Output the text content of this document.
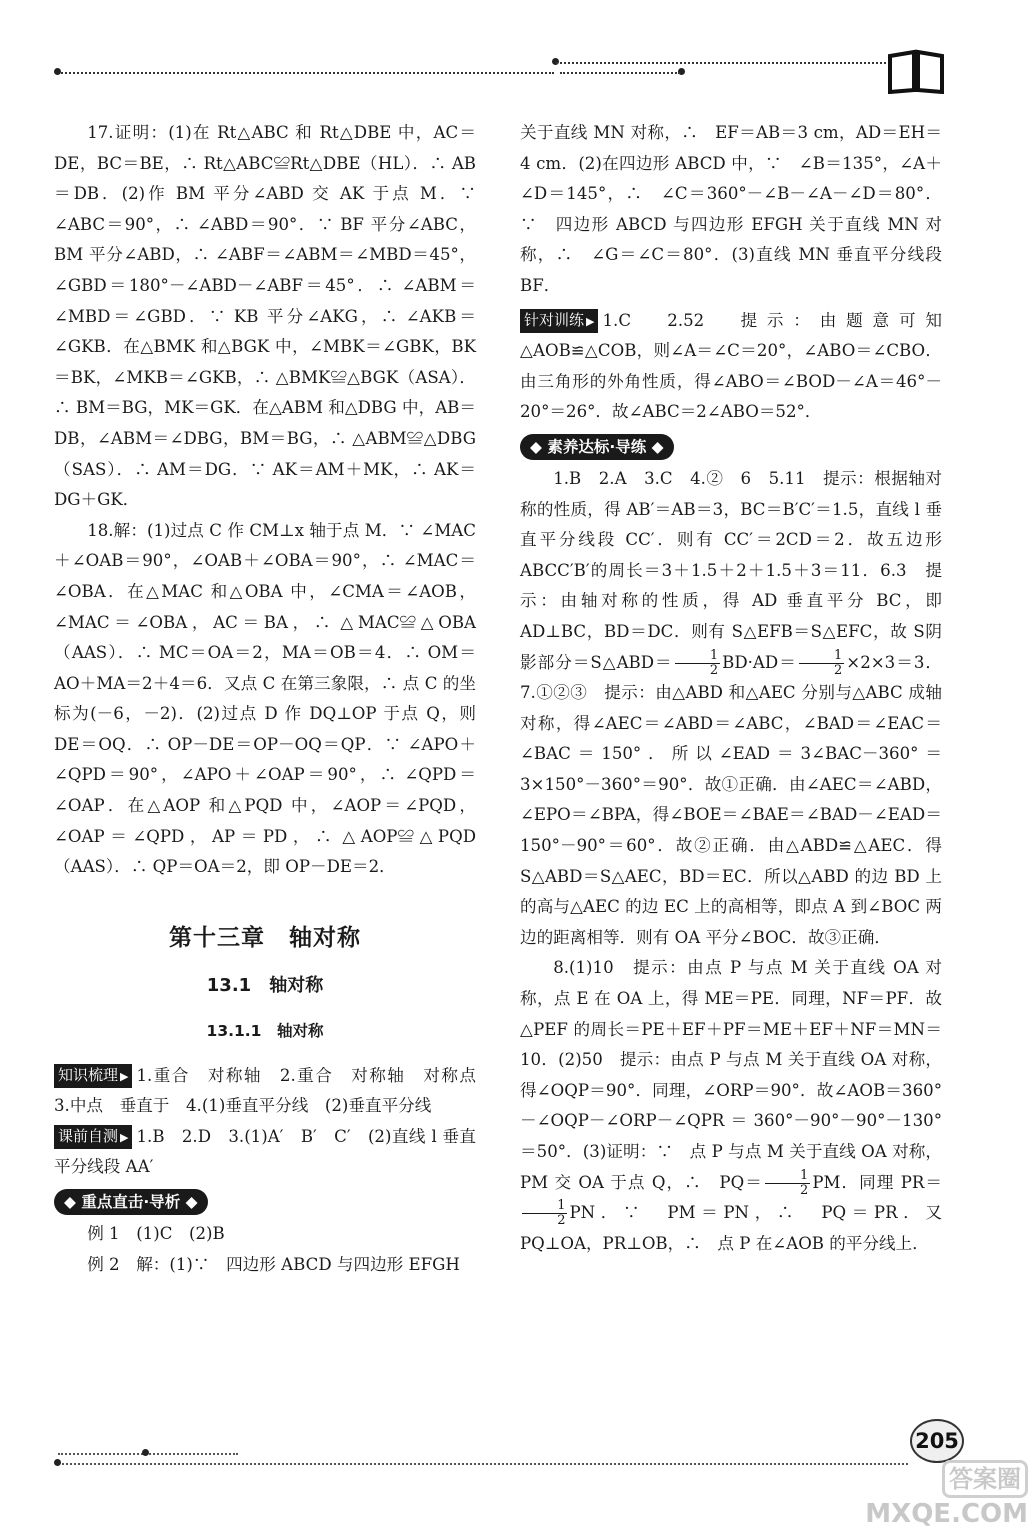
17.证明：(1)在 Rt△ABC 和 Rt△DBE 中，AC＝DE，BC＝BE，∴ Rt△ABC≌Rt△DBE（HL）．∴ AB＝DB．(2)作 BM 平分∠ABD 交 AK 于点 M．∵ ∠ABC＝90°，∴ ∠ABD＝90°．∵ BF 平分∠ABC，BM 平分∠ABD，∴ ∠ABF＝∠ABM＝∠MBD＝45°，∠GBD＝180°－∠ABD－∠ABF＝45°．∴ ∠ABM＝∠MBD＝∠GBD．∵ KB 平分∠AKG，∴ ∠AKB＝∠GKB．在△BMK 和△BGK 中，∠MBK＝∠GBK，BK＝BK，∠MKB＝∠GKB，∴ △BMK≌△BGK（ASA）．∴ BM＝BG，MK＝GK．在△ABM 和△DBG 中，AB＝DB，∠ABM＝∠DBG，BM＝BG，∴ △ABM≌△DBG（SAS）．∴ AM＝DG．∵ AK＝AM＋MK，∴ AK＝DG＋GK．

18.解：(1)过点 C 作 CM⊥x 轴于点 M．∵ ∠MAC＋∠OAB＝90°，∠OAB＋∠OBA＝90°，∴ ∠MAC＝∠OBA．在△MAC 和△OBA 中，∠CMA＝∠AOB，∠MAC＝∠OBA，AC＝BA，∴ △MAC≌△OBA（AAS）．∴ MC＝OA＝2，MA＝OB＝4．∴ OM＝AO＋MA＝2＋4＝6．又点 C 在第三象限，∴ 点 C 的坐标为(－6，－2)．(2)过点 D 作 DQ⊥OP 于点 Q，则 DE＝OQ．∴ OP－DE＝OP－OQ＝QP．∵ ∠APO＋∠QPD＝90°，∠APO＋∠OAP＝90°，∴ ∠QPD＝∠OAP．在△AOP 和△PQD 中，∠AOP＝∠PQD，∠OAP＝∠QPD，AP＝PD，∴ △AOP≌△PQD（AAS）．∴ QP＝OA＝2，即 OP－DE＝2．

第十三章　轴对称
13.1　轴对称
13.1.1　轴对称

知识梳理 ▶ 1.重合　对称轴　2.重合　对称轴　对称点　3.中点　垂直于　4.(1)垂直平分线　(2)垂直平分线

课前自测 ▶ 1.B　2.D　3.(1)A′　B′　C′　(2)直线 l 垂直平分线段 AA′

◆ 重点直击·导析 ◆

例 1　(1)C　(2)B

例 2　解：(1)∵　四边形 ABCD 与四边形 EFGH

关于直线 MN 对称，∴　EF＝AB＝3 cm，AD＝EH＝4 cm．(2)在四边形 ABCD 中，∵　∠B＝135°，∠A＋∠D＝145°，∴　∠C＝360°－∠B－∠A－∠D＝80°．∵　四边形 ABCD 与四边形 EFGH 关于直线 MN 对称，∴　∠G＝∠C＝80°．(3)直线 MN 垂直平分线段 BF．

针对训练 ▶ 1.C　2.52　提示：由题意可知△AOB≌△COB，则∠A＝∠C＝20°，∠ABO＝∠CBO．由三角形的外角性质，得∠ABO＝∠BOD－∠A＝46°－20°＝26°．故∠ABC＝2∠ABO＝52°．

◆ 素养达标·导练 ◆

1.B　2.A　3.C　4.②　6　5.11　提示：根据轴对称的性质，得 AB′＝AB＝3，BC＝B′C′＝1.5，直线 l 垂直平分线段 CC′．则有 CC′＝2CD＝2．故五边形 ABCC′B′的周长＝3＋1.5＋2＋1.5＋3＝11．6.3　提示：由轴对称的性质，得 AD 垂直平分 BC，即 AD⊥BC，BD＝DC．则有 S△EFB＝S△EFC，故 S阴影部分＝S△ABD＝ $\frac{1}{2} BD\cdot AD= \frac{1}{2} \times 2\times 3=3$．7.①②③　提示：由△ABD 和△AEC 分别与△ABC 成轴对称，得∠AEC＝∠ABD＝∠ABC，∠BAD＝∠EAC＝∠BAC＝150°．所以∠EAD＝3∠BAC－360°＝3×150°－360°＝90°．故①正确．由∠AEC＝∠ABD，∠EPO＝∠BPA，得∠BOE＝∠BAE＝∠BAD－∠EAD＝150°－90°＝60°．故②正确．由△ABD≌△AEC．得 S△ABD＝S△AEC，BD＝EC．所以△ABD 的边 BD 上的高与△AEC 的边 EC 上的高相等，即点 A 到∠BOC 两边的距离相等．则有 OA 平分∠BOC．故③正确．

8.(1)10　提示：由点 P 与点 M 关于直线 OA 对称，点 E 在 OA 上，得 ME＝PE．同理，NF＝PF．故△PEF 的周长＝PE＋EF＋PF＝ME＋EF＋NF＝MN＝10．(2)50　提示：由点 P 与点 M 关于直线 OA 对称，得∠OQP＝90°．同理，∠ORP＝90°．故∠AOB＝360°－∠OQP－∠ORP－∠QPR＝360°－90°－90°－130°＝50°．(3)证明：∵　点 P 与点 M 关于直线 OA 对称，PM 交 OA 于点 Q，∴　$PQ= \frac{1}{2}$ PM．同理 PR＝
$\frac{1}{2}$ PN．∵　PM＝PN，∴　PQ＝PR．又 PQ⊥OA，PR⊥OB，∴　点 P 在∠AOB 的平分线上．

205
答案圈
MXQE.COM
